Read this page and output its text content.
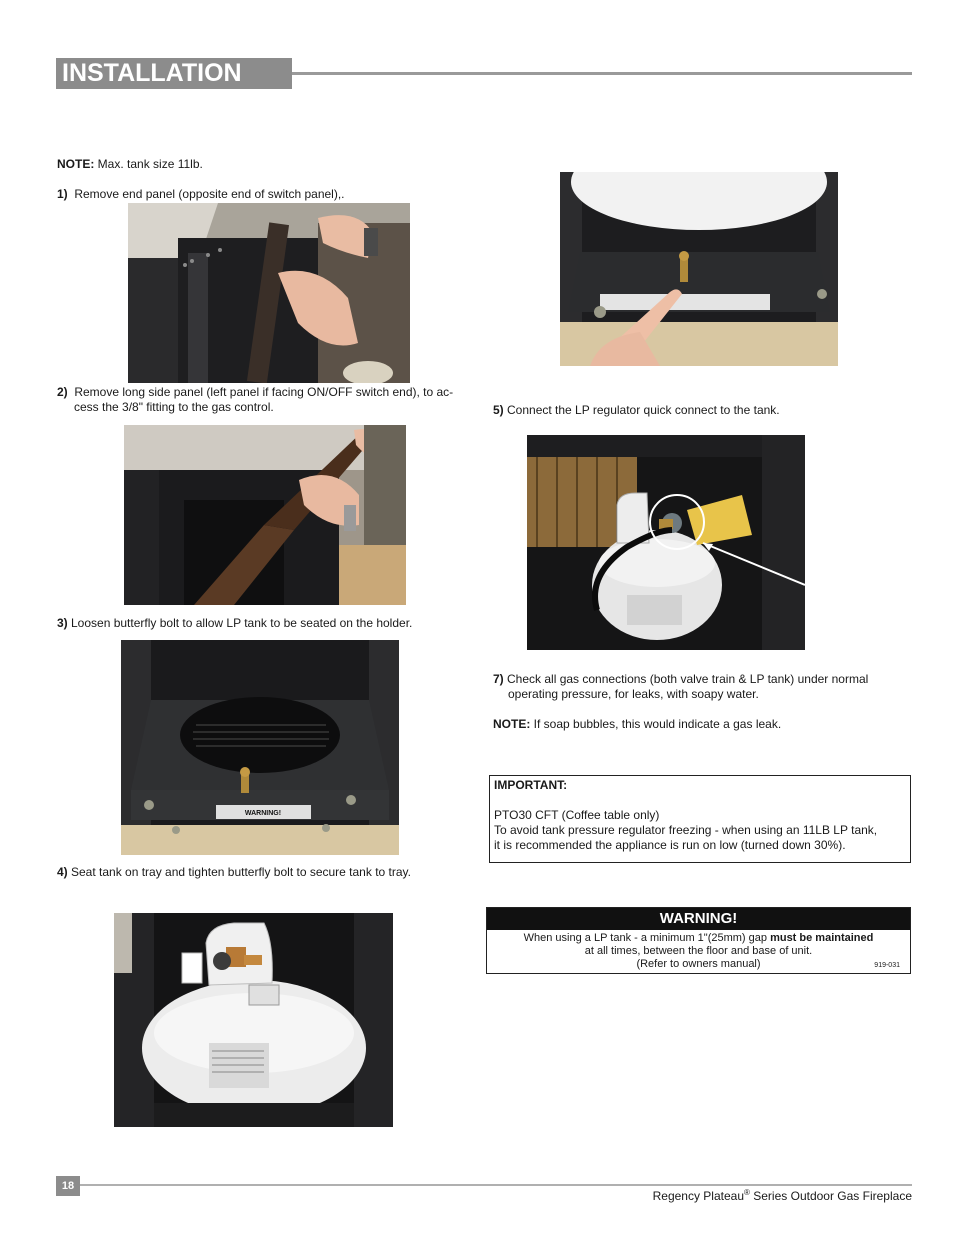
INSTALLATION

NOTE: Max. tank size 11lb.

1) Remove end panel (opposite end of switch panel),.

2) Remove long side panel (left panel if facing ON/OFF switch end), to ac-

cess the 3/8" fitting to the gas control.

3) Loosen butterfly bolt to allow LP tank to be seated on the holder.

WARNING!

4) Seat tank on tray and tighten butterfly bolt to secure tank to tray.

5) Connect the LP regulator quick connect to the tank.

7) Check all gas connections (both valve train & LP tank) under normal

operating pressure, for leaks, with soapy water.

NOTE: If soap bubbles, this would indicate a gas leak.

IMPORTANT:
PTO30 CFT (Coffee table only)
To avoid tank pressure regulator freezing - when using an 11LB LP tank,
it is recommended the appliance is run on low (turned down 30%).
WARNING!
When using a LP tank - a minimum 1"(25mm) gap must be maintained
at all times, between the floor and base of unit.
(Refer to owners manual)	919-031
18
Regency Plateau® Series Outdoor Gas Fireplace
